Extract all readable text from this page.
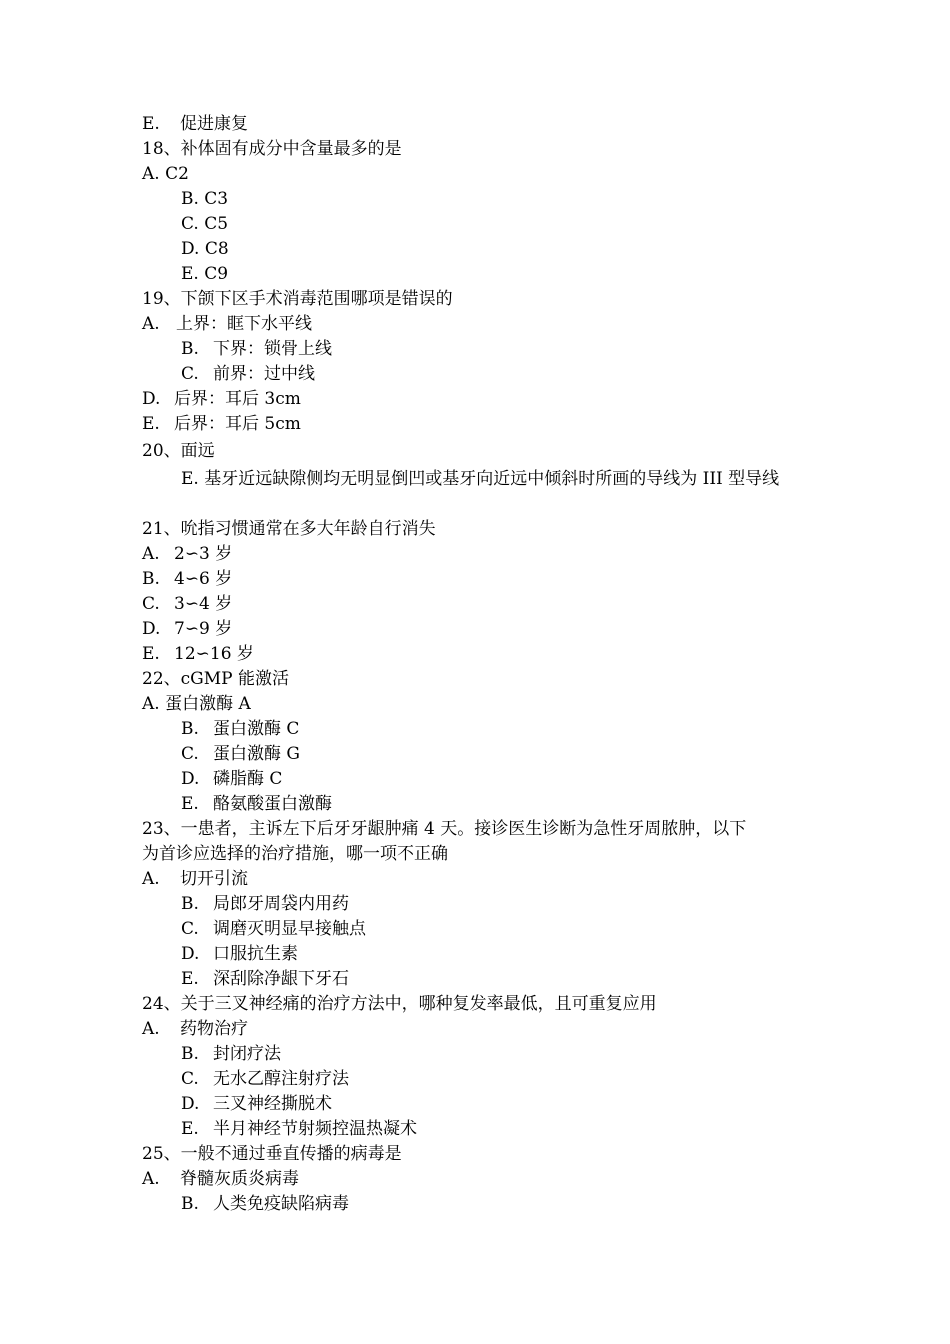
E. 促进康复
18、补体固有成分中含量最多的是
A. C2
B. C3
C. C5
D. C8
E. C9
19、下颌下区手术消毒范围哪项是错误的
A. 上界：眶下水平线
B. 下界：锁骨上线
C. 前界：过中线
D. 后界：耳后 3cm
E. 后界：耳后 5cm
20、面远
E. 基牙近远缺隙侧均无明显倒凹或基牙向近远中倾斜时所画的导线为 III 型导线
21、吮指习惯通常在多大年龄自行消失
A. 2∽3 岁
B. 4∽6 岁
C. 3∽4 岁
D. 7∽9 岁
E. 12∽16 岁
22、cGMP 能激活
A. 蛋白激酶 A
B. 蛋白激酶 C
C. 蛋白激酶 G
D. 磷脂酶 C
E. 酪氨酸蛋白激酶
23、一患者，主诉左下后牙牙龈肿痛 4 天。接诊医生诊断为急性牙周脓肿，以下
为首诊应选择的治疗措施，哪一项不正确
A. 切开引流
B. 局郎牙周袋内用药
C. 调磨灭明显早接触点
D. 口服抗生素
E. 深刮除净龈下牙石
24、关于三叉神经痛的治疗方法中，哪种复发率最低，且可重复应用
A. 药物治疗
B. 封闭疗法
C. 无水乙醇注射疗法
D. 三叉神经撕脱术
E. 半月神经节射频控温热凝术
25、一般不通过垂直传播的病毒是
A. 脊髓灰质炎病毒
B. 人类免疫缺陷病毒
